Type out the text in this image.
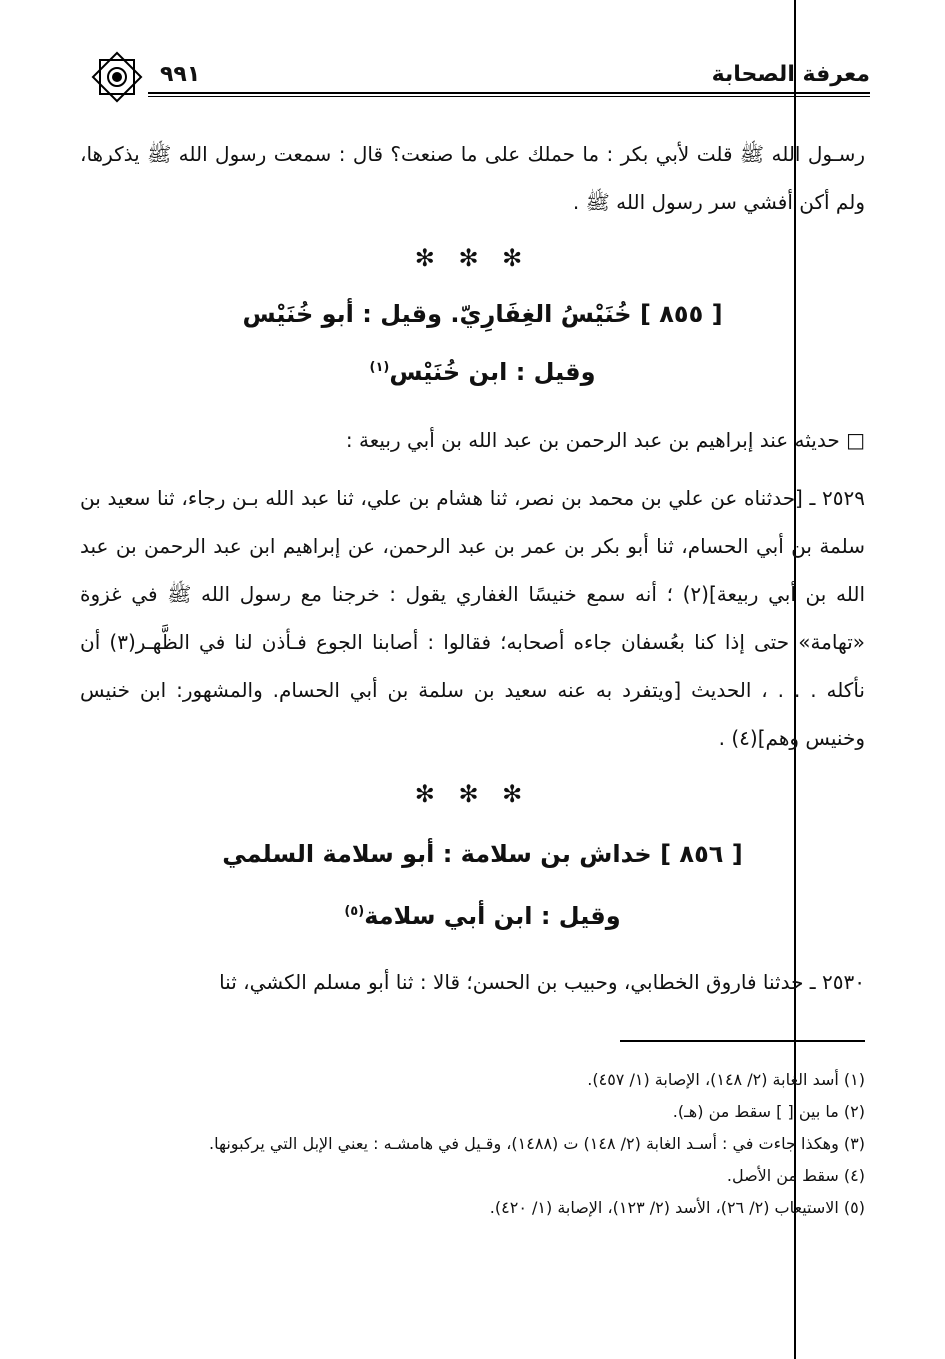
معرفة الصحابة
٩٩١

رسـول الله ﷺ قلت لأبي بكر : ما حملك على ما صنعت؟ قال : سمعت رسول الله ﷺ يذكرها، ولم أكن أفشي سر رسول الله ﷺ .

✻ ✻ ✻
[ ٨٥٥ ] خُنَيْسُ الغِفَارِيّ. وقيل : أبو خُنَيْس
وقيل : ابن خُنَيْس$^{(١)}$

□ حديثه عند إبراهيم بن عبد الرحمن بن عبد الله بن أبي ربيعة :

٢٥٢٩ ـ [حدثناه عن علي بن محمد بن نصر، ثنا هشام بن علي، ثنا عبد الله بـن رجاء، ثنا سعيد بن سلمة بن أبي الحسام، ثنا أبو بكر بن عمر بن عبد الرحمن، عن إبراهيم ابن عبد الرحمن بن عبد الله بن أبي ربيعة](٢) ؛ أنه سمع خنيسًا الغفاري يقول : خرجنا مع رسول الله ﷺ في غزوة «تهامة» حتى إذا كنا بعُسفان جاءه أصحابه؛ فقالوا : أصابنا الجوع فـأذن لنا في الظَّهـر(٣) أن نأكله . . . ، الحديث [ويتفرد به عنه سعيد بن سلمة بن أبي الحسام. والمشهور: ابن خنيس وخنيس وهم](٤) .

✻ ✻ ✻
[ ٨٥٦ ] خداش بن سلامة : أبو سلامة السلمي
وقيل : ابن أبي سلامة$^{(٥)}$

٢٥٣٠ ـ حدثنا فاروق الخطابي، وحبيب بن الحسن؛ قالا : ثنا أبو مسلم الكشي، ثنا

(١) أسد الغابة (٢/ ١٤٨)، الإصابة (١/ ٤٥٧).

(٢) ما بين [ ] سقط من (هـ).

(٣) وهكذا جاءت في : أسـد الغابة (٢/ ١٤٨) ت (١٤٨٨)، وقـيل في هامشـه : يعني الإبل التي يركبونها.

(٤) سقط من الأصل.

(٥) الاستيعاب (٢/ ٢٦)، الأسد (٢/ ١٢٣)، الإصابة (١/ ٤٢٠).
